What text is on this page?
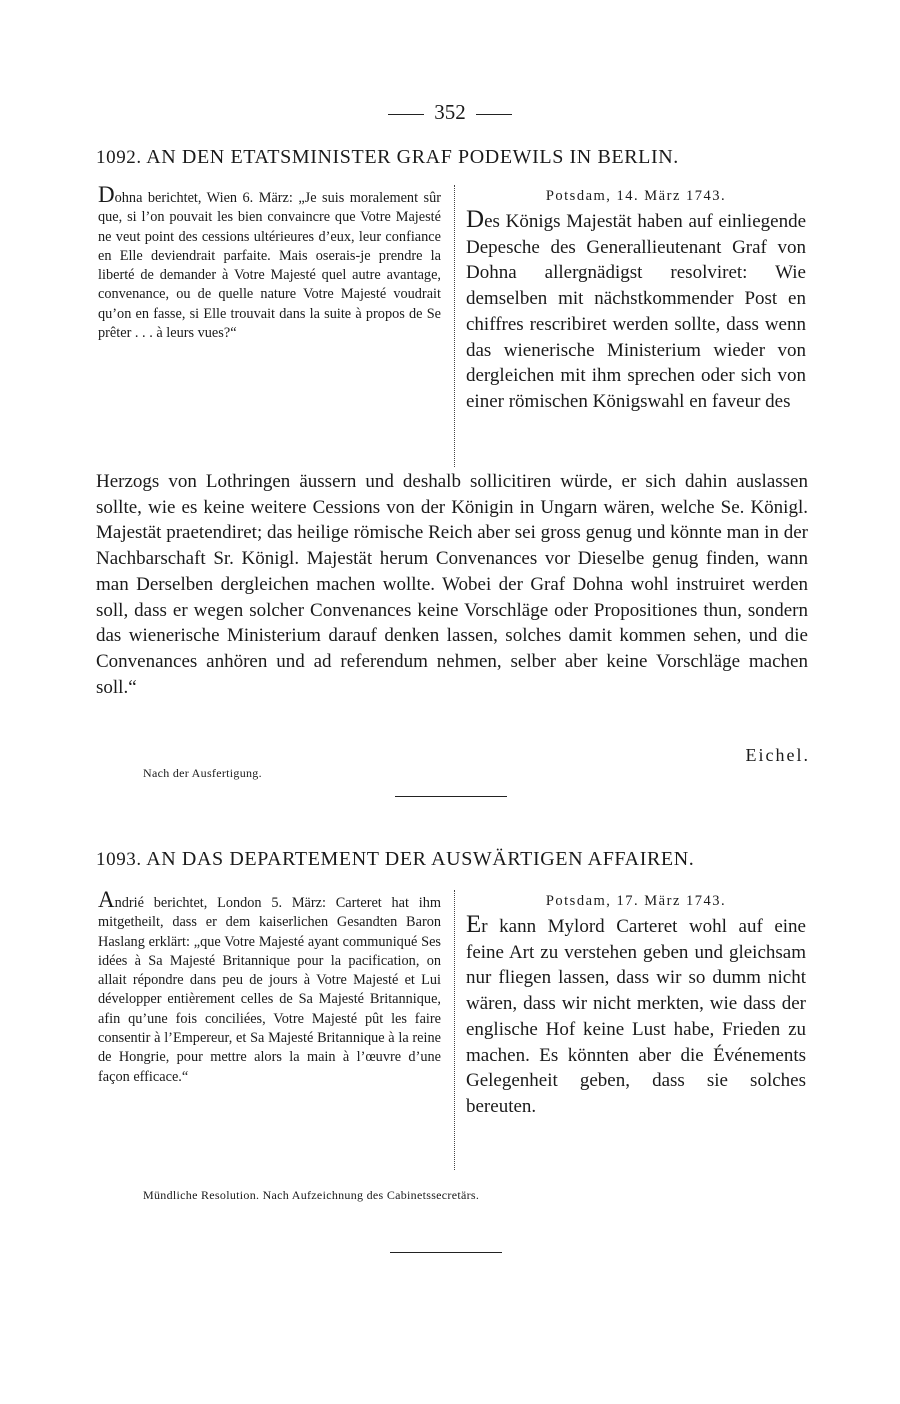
352
1092. AN DEN ETATSMINISTER GRAF PODEWILS IN BERLIN.
Dohna berichtet, Wien 6. März: „Je suis moralement sûr que, si l’on pouvait les bien convaincre que Votre Majesté ne veut point des cessions ultérieures d’eux, leur confiance en Elle deviendrait parfaite. Mais oserais-je prendre la liberté de demander à Votre Majesté quel autre avantage, convenance, ou de quelle nature Votre Majesté voudrait qu’on en fasse, si Elle trouvait dans la suite à propos de Se prêter . . . à leurs vues?“
Potsdam, 14. März 1743.
Des Königs Majestät haben auf einliegende Depesche des Generallieutenant Graf von Dohna allergnädigst resolviret: Wie demselben mit nächstkommender Post en chiffres rescribiret werden sollte, dass wenn das wienerische Ministerium wieder von dergleichen mit ihm sprechen oder sich von einer römischen Königswahl en faveur des
Herzogs von Lothringen äussern und deshalb sollicitiren würde, er sich dahin auslassen sollte, wie es keine weitere Cessions von der Königin in Ungarn wären, welche Se. Königl. Majestät praetendiret; das heilige römische Reich aber sei gross genug und könnte man in der Nachbarschaft Sr. Königl. Majestät herum Convenances vor Dieselbe genug finden, wann man Derselben dergleichen machen wollte. Wobei der Graf Dohna wohl instruiret werden soll, dass er wegen solcher Convenances keine Vorschläge oder Propositiones thun, sondern das wienerische Ministerium darauf denken lassen, solches damit kommen sehen, und die Convenances anhören und ad referendum nehmen, selber aber keine Vorschläge machen soll.“
Eichel.
Nach der Ausfertigung.
1093. AN DAS DEPARTEMENT DER AUSWÄRTIGEN AFFAIREN.
Andrié berichtet, London 5. März: Carteret hat ihm mitgetheilt, dass er dem kaiserlichen Gesandten Baron Haslang erklärt: „que Votre Majesté ayant communiqué Ses idées à Sa Majesté Britannique pour la pacification, on allait répondre dans peu de jours à Votre Majesté et Lui développer entièrement celles de Sa Majesté Britannique, afin qu’une fois conciliées, Votre Majesté pût les faire consentir à l’Empereur, et Sa Majesté Britannique à la reine de Hongrie, pour mettre alors la main à l’œuvre d’une façon efficace.“
Potsdam, 17. März 1743.
Er kann Mylord Carteret wohl auf eine feine Art zu verstehen geben und gleichsam nur fliegen lassen, dass wir so dumm nicht wären, dass wir nicht merkten, wie dass der englische Hof keine Lust habe, Frieden zu machen. Es könnten aber die Événements Gelegenheit geben, dass sie solches bereuten.
Mündliche Resolution. Nach Aufzeichnung des Cabinetssecretärs.
